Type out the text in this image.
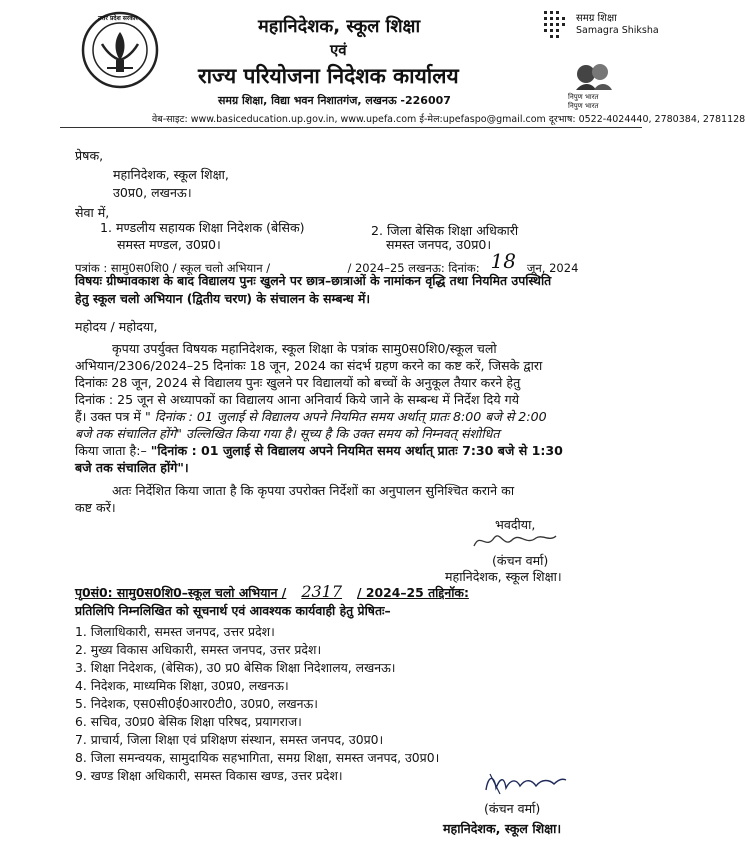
उत्तर प्रदेश सरकार	महानिदेशक, स्कूल शिक्षा
एवं
राज्य परियोजना निदेशक कार्यालय
समग्र शिक्षा, विद्या भवन निशातगंज, लखनऊ -226007
वेब-साइट: www.basiceducation.up.gov.in, www.upefa.com ई-मेल:upefaspo@gmail.com दूरभाष: 0522-4024440, 2780384, 2781128
समग्र शिक्षा
Samagra Shiksha
निपुण भारत
निपुण भारत
प्रेषक,
महानिदेशक, स्कूल शिक्षा,
उ0प्र0, लखनऊ।
सेवा में,
1. मण्डलीय सहायक शिक्षा निदेशक (बेसिक)
समस्त मण्डल, उ0प्र0।
2. जिला बेसिक शिक्षा अधिकारी
समस्त जनपद, उ0प्र0।
पत्रांक : सामु0स0शि0 / स्कूल चलो अभियान /	/ 2024–25 लखनऊ: दिनांक: 18 जून, 2024
विषयः ग्रीष्मावकाश के बाद विद्यालय पुनः खुलने पर छात्र–छात्राओं के नामांकन वृद्धि तथा नियमित उपस्थिति
हेतु स्कूल चलो अभियान (द्वितीय चरण) के संचालन के सम्बन्ध में।
महोदय / महोदया,
कृपया उपर्युक्त विषयक महानिदेशक, स्कूल शिक्षा के पत्रांक सामु0स0शि0/स्कूल चलो
अभियान/2306/2024–25 दिनांकः 18 जून, 2024 का संदर्भ ग्रहण करने का कष्ट करें, जिसके द्वारा
दिनांकः 28 जून, 2024 से विद्यालय पुनः खुलने पर विद्यालयों को बच्चों के अनुकूल तैयार करने हेतु
दिनांक : 25 जून से अध्यापकों का विद्यालय आना अनिवार्य किये जाने के सम्बन्ध में निर्देश दिये गये
हैं। उक्त पत्र में " दिनांक : 01 जुलाई से विद्यालय अपने नियमित समय अर्थात् प्रातः 8:00 बजे से 2:00
बजे तक संचालित होंगे" उल्लिखित किया गया है। सूच्य है कि उक्त समय को निम्नवत् संशोधित
किया जाता है:– "दिनांक : 01 जुलाई से विद्यालय अपने नियमित समय अर्थात् प्रातः 7:30 बजे से 1:30
बजे तक संचालित होंगे"।
अतः निर्देशित किया जाता है कि कृपया उपरोक्त निर्देशों का अनुपालन सुनिश्चित कराने का
कष्ट करें।
भवदीया,
(कंचन वर्मा)
महानिदेशक, स्कूल शिक्षा।
पृ0सं0: सामु0स0शि0–स्कूल चलो अभियान / 2317 / 2024–25 तद्दिनॉक:
प्रतिलिपि निम्नलिखित को सूचनार्थ एवं आवश्यक कार्यवाही हेतु प्रेषितः–
1. जिलाधिकारी, समस्त जनपद, उत्तर प्रदेश।
2. मुख्य विकास अधिकारी, समस्त जनपद, उत्तर प्रदेश।
3. शिक्षा निदेशक, (बेसिक), उ0 प्र0 बेसिक शिक्षा निदेशालय, लखनऊ।
4. निदेशक, माध्यमिक शिक्षा, उ0प्र0, लखनऊ।
5. निदेशक, एस0सी0ई0आर0टी0, उ0प्र0, लखनऊ।
6. सचिव, उ0प्र0 बेसिक शिक्षा परिषद, प्रयागराज।
7. प्राचार्य, जिला शिक्षा एवं प्रशिक्षण संस्थान, समस्त जनपद, उ0प्र0।
8. जिला समन्वयक, सामुदायिक सहभागिता, समग्र शिक्षा, समस्त जनपद, उ0प्र0।
9. खण्ड शिक्षा अधिकारी, समस्त विकास खण्ड, उत्तर प्रदेश।
(कंचन वर्मा)
महानिदेशक, स्कूल शिक्षा।
